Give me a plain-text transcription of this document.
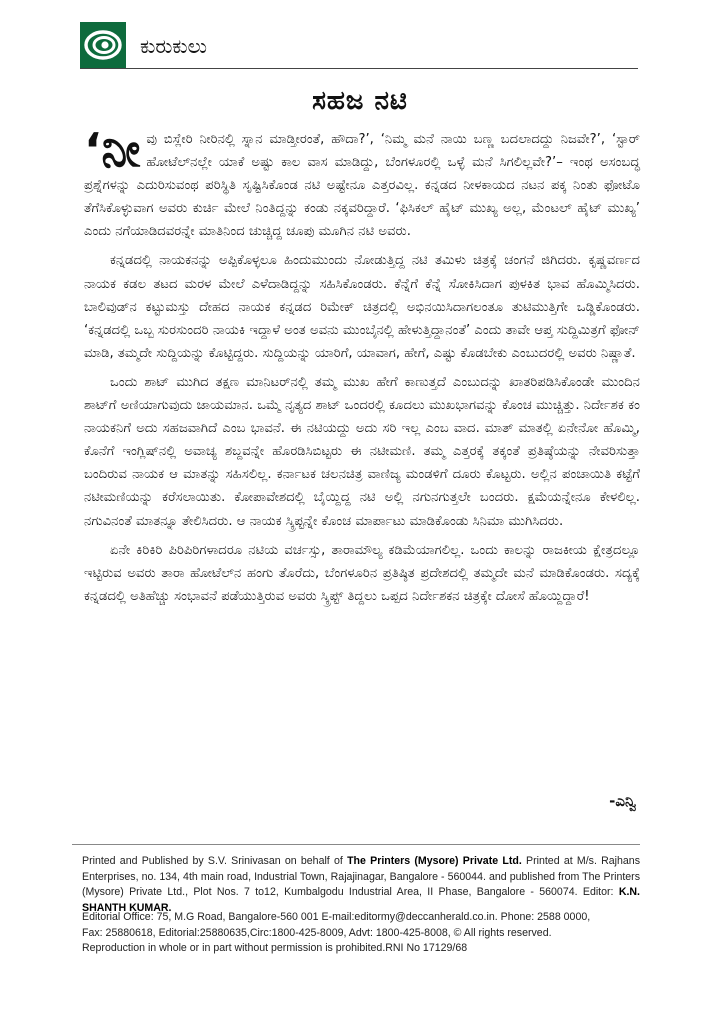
ಕುರುಕುಲು
ಸಹಜ ನಟಿ

‘ನೀವು ಬಿಸ್ಲೇರಿ ನೀರಿನಲ್ಲಿ ಸ್ನಾನ ಮಾಡ್ತೀರಂತೆ, ಹೌದಾ?’, ‘ನಿಮ್ಮ ಮನೆ ನಾಯಿ ಬಣ್ಣ ಬದಲಾದದ್ದು ನಿಜವೇ?’, ‘ಸ್ಟಾರ್ ಹೋಟೆಲ್‌ನಲ್ಲೇ ಯಾಕೆ ಅಷ್ಟು ಕಾಲ ವಾಸ ಮಾಡಿದ್ದು, ಬೆಂಗಳೂರಲ್ಲಿ ಒಳ್ಳೆ ಮನೆ ಸಿಗಲಿಲ್ಲವೇ?’– ಇಂಥ ಅಸಂಬದ್ಧ ಪ್ರಶ್ನೆಗಳನ್ನು ಎದುರಿಸುವಂಥ ಪರಿಸ್ಥಿತಿ ಸೃಷ್ಟಿಸಿಕೊಂಡ ನಟಿ ಅಷ್ಟೇನೂ ಎತ್ತರವಿಲ್ಲ. ಕನ್ನಡದ ನೀಳಕಾಯದ ನಟನ ಪಕ್ಕ ನಿಂತು ಫೋಟೊ ತೆಗೆಸಿಕೊಳ್ಳುವಾಗ ಅವರು ಕುರ್ಚಿ ಮೇಲೆ ನಿಂತಿದ್ದನ್ನು ಕಂಡು ನಕ್ಕವರಿದ್ದಾರೆ. ‘ಫಿಸಿಕಲ್ ಹೈಟ್ ಮುಖ್ಯ ಅಲ್ಲ, ಮೆಂಟಲ್ ಹೈಟ್ ಮುಖ್ಯ’ ಎಂದು ನಗೆಯಾಡಿದವರನ್ನೇ ಮಾತಿನಿಂದ ಚುಚ್ಚಿದ್ದ ಚೂಪು ಮೂಗಿನ ನಟಿ ಅವರು.

ಕನ್ನಡದಲ್ಲಿ ನಾಯಕನನ್ನು ಅಪ್ಪಿಕೊಳ್ಳಲೂ ಹಿಂದುಮುಂದು ನೋಡುತ್ತಿದ್ದ ನಟಿ ತಮಿಳು ಚಿತ್ರಕ್ಕೆ ಚಂಗನೆ ಜಿಗಿದರು. ಕೃಷ್ಣವರ್ಣದ ನಾಯಕ ಕಡಲ ತಟದ ಮರಳ ಮೇಲೆ ಎಳೆದಾಡಿದ್ದನ್ನು ಸಹಿಸಿಕೊಂಡರು. ಕೆನ್ನೆಗೆ ಕೆನ್ನೆ ಸೋಕಿಸಿದಾಗ ಪುಳಕಿತ ಭಾವ ಹೊಮ್ಮಿಸಿದರು. ಬಾಲಿವುಡ್‌ನ ಕಟ್ಟುಮಸ್ತು ದೇಹದ ನಾಯಕ ಕನ್ನಡದ ರಿಮೇಕ್ ಚಿತ್ರದಲ್ಲಿ ಅಭಿನಯಿಸಿದಾಗಲಂತೂ ತುಟಿಮುತ್ತಿಗೇ ಒಡ್ಡಿಕೊಂಡರು. ‘ಕನ್ನಡದಲ್ಲಿ ಒಬ್ಬ ಸುರಸುಂದರಿ ನಾಯಕಿ ಇದ್ದಾಳೆ ಅಂತ ಅವನು ಮುಂಬೈನಲ್ಲಿ ಹೇಳುತ್ತಿದ್ದಾನಂತೆ’ ಎಂದು ತಾವೇ ಆಪ್ತ ಸುದ್ದಿಮಿತ್ರಗೆ ಫೋನ್ ಮಾಡಿ, ತಮ್ಮದೇ ಸುದ್ದಿಯನ್ನು ಕೊಟ್ಟಿದ್ದರು. ಸುದ್ದಿಯನ್ನು ಯಾರಿಗೆ, ಯಾವಾಗ, ಹೇಗೆ, ಎಷ್ಟು ಕೊಡಬೇಕು ಎಂಬುದರಲ್ಲಿ ಅವರು ನಿಷ್ಣಾತೆ.

ಒಂದು ಶಾಟ್ ಮುಗಿದ ತಕ್ಷಣ ಮಾನಿಟರ್‌ನಲ್ಲಿ ತಮ್ಮ ಮುಖ ಹೇಗೆ ಕಾಣುತ್ತದೆ ಎಂಬುದನ್ನು ಖಾತರಿಪಡಿಸಿಕೊಂಡೇ ಮುಂದಿನ ಶಾಟ್‌ಗೆ ಅಣಿಯಾಗುವುದು ಜಾಯಮಾನ. ಒಮ್ಮೆ ನೃತ್ಯದ ಶಾಟ್ ಒಂದರಲ್ಲಿ ಕೂದಲು ಮುಖಭಾಗವನ್ನು ಕೊಂಚ ಮುಚ್ಚಿತ್ತು. ನಿರ್ದೇಶಕ ಕಂ ನಾಯಕನಿಗೆ ಅದು ಸಹಜವಾಗಿದೆ ಎಂಬ ಭಾವನೆ. ಈ ನಟಿಯದ್ದು ಅದು ಸರಿ ಇಲ್ಲ ಎಂಬ ವಾದ. ಮಾತ್ ಮಾತಲ್ಲಿ ಏನೇನೋ ಹೊಮ್ಮಿ, ಕೊನೆಗೆ ಇಂಗ್ಲಿಷ್‌ನಲ್ಲಿ ಅವಾಚ್ಯ ಶಬ್ದವನ್ನೇ ಹೊರಡಿಸಿಬಿಟ್ಟರು ಈ ನಟೀಮಣಿ. ತಮ್ಮ ಎತ್ತರಕ್ಕೆ ತಕ್ಕಂತೆ ಪ್ರತಿಷ್ಠೆಯನ್ನು ನೇವರಿಸುತ್ತಾ ಬಂದಿರುವ ನಾಯಕ ಆ ಮಾತನ್ನು ಸಹಿಸಲಿಲ್ಲ. ಕರ್ನಾಟಕ ಚಲನಚಿತ್ರ ವಾಣಿಜ್ಯ ಮಂಡಳಿಗೆ ದೂರು ಕೊಟ್ಟರು. ಅಲ್ಲಿನ ಪಂಚಾಯಿತಿ ಕಟ್ಟೆಗೆ ನಟೀಮಣಿಯನ್ನು ಕರೆಸಲಾಯಿತು. ಕೋಪಾವೇಶದಲ್ಲಿ ಬೈಯ್ದಿದ್ದ ನಟಿ ಅಲ್ಲಿ ನಗುನಗುತ್ತಲೇ ಬಂದರು. ಕ್ಷಮೆಯನ್ನೇನೂ ಕೇಳಲಿಲ್ಲ. ನಗುವಿನಂತೆ ಮಾತನ್ನೂ ತೇಲಿಸಿದರು. ಆ ನಾಯಕ ಸ್ಕ್ರಿಪ್ಟನ್ನೇ ಕೊಂಚ ಮಾರ್ಪಾಟು ಮಾಡಿಕೊಂಡು ಸಿನಿಮಾ ಮುಗಿಸಿದರು.

ಏನೇ ಕಿರಿಕಿರಿ ಪಿರಿಪಿರಿಗಳಾದರೂ ನಟಿಯ ವರ್ಚಸ್ಸು, ತಾರಾಮೌಲ್ಯ ಕಡಿಮೆಯಾಗಲಿಲ್ಲ. ಒಂದು ಕಾಲನ್ನು ರಾಜಕೀಯ ಕ್ಷೇತ್ರದಲ್ಲೂ ಇಟ್ಟಿರುವ ಅವರು ತಾರಾ ಹೋಟೆಲ್‌ನ ಹಂಗು ತೊರೆದು, ಬೆಂಗಳೂರಿನ ಪ್ರತಿಷ್ಠಿತ ಪ್ರದೇಶದಲ್ಲಿ ತಮ್ಮದೇ ಮನೆ ಮಾಡಿಕೊಂಡರು. ಸದ್ಯಕ್ಕೆ ಕನ್ನಡದಲ್ಲಿ ಅತಿಹೆಚ್ಚು ಸಂಭಾವನೆ ಪಡೆಯುತ್ತಿರುವ ಅವರು ಸ್ಕ್ರಿಪ್ಟ್ ತಿದ್ದಲು ಒಪ್ಪದ ನಿರ್ದೇಶಕನ ಚಿತ್ರಕ್ಕೇ ದೋಸೆ ಹೊಯ್ದಿದ್ದಾರೆ!

-ಎನ್ವಿ
Printed and Published by S.V. Srinivasan on behalf of The Printers (Mysore) Private Ltd. Printed at M/s. Rajhans Enterprises, no. 134, 4th main road, Industrial Town, Rajajinagar, Bangalore - 560044. and published from The Printers (Mysore) Private Ltd., Plot Nos. 7 to12, Kumbalgodu Industrial Area, II Phase, Bangalore - 560074. Editor: K.N. SHANTH KUMAR.
Editorial Office: 75, M.G Road, Bangalore-560 001 E-mail:editormy@deccanherald.co.in. Phone: 2588 0000,
Fax: 25880618, Editorial:25880635,Circ:1800-425-8009, Advt: 1800-425-8008, © All rights reserved.
Reproduction in whole or in part without permission is prohibited.RNI No 17129/68
